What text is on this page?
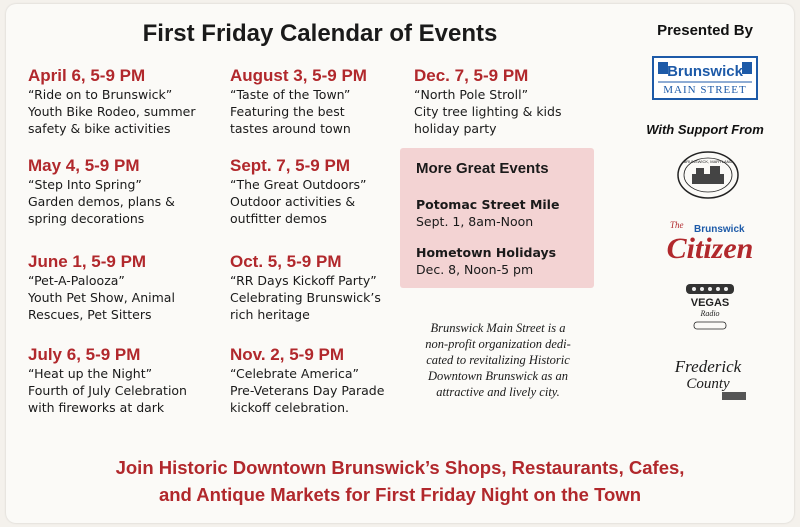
First Friday Calendar of Events
April 6, 5-9 PM
“Ride on to Brunswick”
Youth Bike Rodeo, summer
safety & bike activities
May 4, 5-9 PM
“Step Into Spring”
Garden demos, plans &
spring decorations
June 1, 5-9 PM
“Pet-A-Palooza”
Youth Pet Show, Animal
Rescues, Pet Sitters
July 6, 5-9 PM
“Heat up the Night”
Fourth of July Celebration
with fireworks at dark
August 3, 5-9 PM
“Taste of the Town”
Featuring the best
tastes around town
Sept. 7, 5-9 PM
“The Great Outdoors”
Outdoor activities &
outfitter demos
Oct. 5, 5-9 PM
“RR Days Kickoff Party”
Celebrating Brunswick’s
rich heritage
Nov. 2, 5-9 PM
“Celebrate America”
Pre-Veterans Day Parade
kickoff celebration.
Dec. 7, 5-9 PM
“North Pole Stroll”
City tree lighting & kids
holiday party
More Great Events
Potomac Street Mile
Sept. 1, 8am-Noon
Hometown Holidays
Dec. 8, Noon-5 pm
Brunswick Main Street is a
non-profit organization dedi-
cated to revitalizing Historic
Downtown Brunswick as an
attractive and lively city.
Presented By
Brunswick
MAIN STREET
With Support From
BRUNSWICK, MARYLAND
The Brunswick
Citizen
VEGAS
Radio
Frederick
County
Join Historic Downtown Brunswick’s Shops, Restaurants, Cafes,
and Antique Markets for First Friday Night on the Town
